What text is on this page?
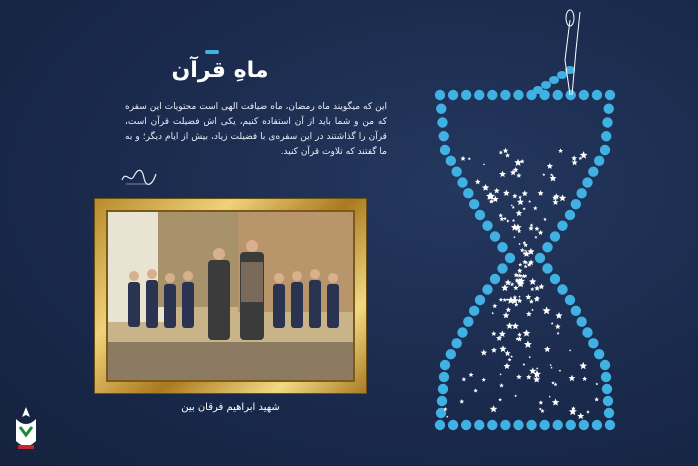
ماهِ قرآن
این که میگویند ماه رمضان، ماه ضیافت الهی است محتویات این سفره که من و شما باید از آن استفاده کنیم، یکی اش فضیلت قرآن است، قرآن را گذاشتند در این سفره‌ی با فضیلت زیاد، بیش از ایام دیگر؛ و به ما گفتند که تلاوت قرآن کنید.
شهید ابراهیم فرقان بین
